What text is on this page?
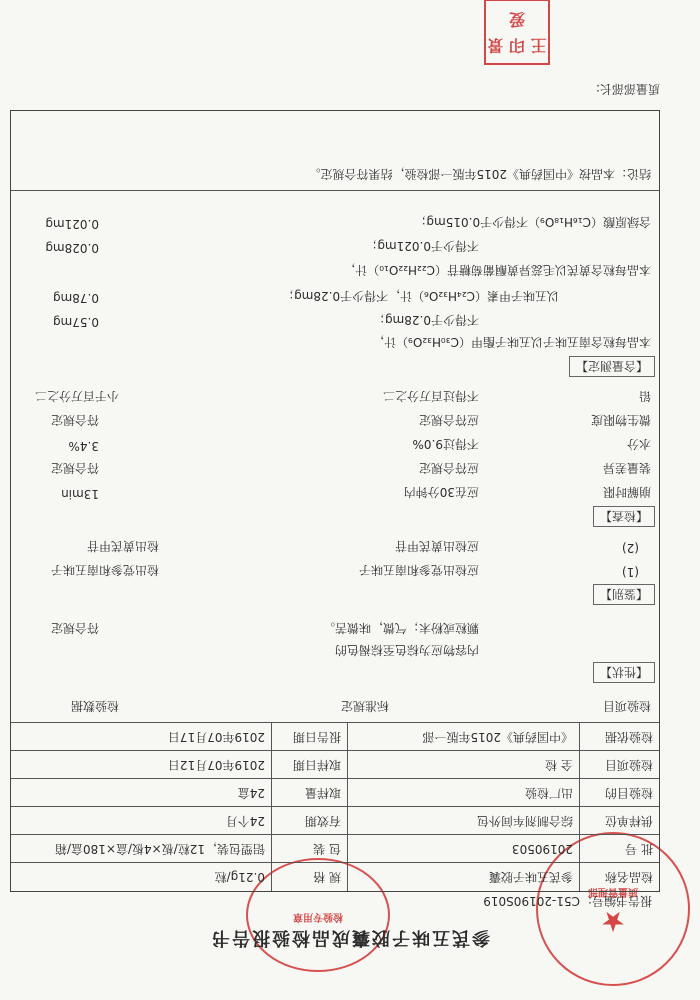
★
质量管理部
检验专用章
参芪五味子胶囊成品检验报告书
报告书编号:C51-20190S019
检品名称
参芪五味子胶囊
规 格
0.21g/粒
批 号
20190503
包 装
铝塑包装，12粒/板×4板/盒×180盒/箱
供样单位
综合制剂车间外包
有效期
24个月
检验目的
出厂检验
取样量
24盒
检验项目
全 检
取样日期
2019年07月12日
检验依据
《中国药典》2015年版一部
报告日期
2019年07月17日
检验项目
标准规定
检验数据
【性状】
内容物应为棕色至棕褐色的
颗粒或粉末；气微，味微苦。
符合规定
【鉴别】
(1)
应检出党参和南五味子
检出党参和南五味子
(2)
应检出黄芪甲苷
检出黄芪甲苷
【检查】
崩解时限
应在30分钟内
13min
装量差异
应符合规定
符合规定
水分
不得过9.0%
3.4%
微生物限度
应符合规定
符合规定
铅
不得过百万分之二
小于百万分之二
【含量测定】
本品每粒含南五味子以五味子酯甲（C₃₀H₃₂O₉）计，
不得少于0.28mg；
0.57mg
以五味子甲素（C₂₄H₃₂O₆）计，不得少于0.28mg；
0.78mg
本品每粒含黄芪以毛蕊异黄酮葡萄糖苷（C₂₂H₂₂O₁₀）计，
不得少于0.021mg；
0.028mg
含绿原酸（C₁₆H₁₈O₉）不得少于0.015mg；
0.021mg
结论：本品按《中国药典》2015年版一部检验，结果符合规定。
质量部部长:
王 印 景 爱
